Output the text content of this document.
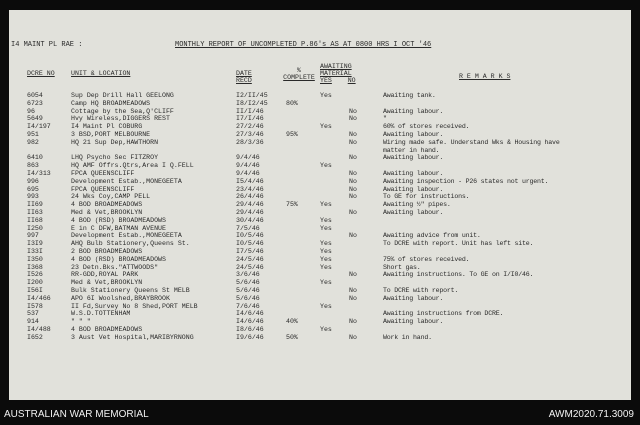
I4 MAINT PL RAE :	MONTHLY REPORT OF UNCOMPLETED P.86's AS AT 0800 HRS I OCT '46
DCRE NO UNIT & LOCATION	DATE
RECD
%
COMPLETE
AWAITING
MATERIAL
YES NO
R E M A R K S
6054	Sup Dep Drill Hall GEELONG	I2/II/45	Yes	Awaiting tank.
6723	Camp HQ BROADMEADOWS	I8/I2/45	80%
96	Cottage by the Sea,Q'CLIFF	II/I/46	No	Awaiting labour.
5649	Hvy Wireless,DIGGERS REST	I7/I/46	No	"
I4/197	I4 Maint Pl COBURG	27/2/46	Yes	60% of stores received.
951	3 BSD,PORT MELBOURNE	27/3/46	95%	No	Awaiting labour.
982	HQ 21 Sup Dep,HAWTHORN	28/3/36	No	Wiring made safe. Understand Wks & Housing have
matter in hand.
6410	LHQ Psycho Sec FITZROY	9/4/46	No	Awaiting labour.
863	HQ AMF Offrs.Qtrs,Area I Q.FELL	9/4/46	Yes
I4/313	FPCA QUEENSCLIFF	9/4/46	No	Awaiting labour.
996	Development Estab.,MONEGEETA	I5/4/46	No	Awaiting inspection - P26 states not urgent.
695	FPCA QUEENSCLIFF	23/4/46	No	Awaiting labour.
993	24 Wks Coy,CAMP PELL	26/4/46	No	To GE for instructions.
II69	4 BOD BROADMEADOWS	29/4/46	75%	Yes	Awaiting ½" pipes.
II63	Med & Vet,BROOKLYN	29/4/46	No	Awaiting labour.
II68	4 BOD (RSD) BROADMEADOWS	30/4/46	Yes
I250	E in C DFW,BATMAN AVENUE	7/5/46	Yes
997	Development Estab.,MONEGEETA	I0/5/46	No	Awaiting advice from unit.
I3I9	AHQ Bulb Stationery,Queens St.	I0/5/46	Yes	To DCRE with report. Unit has left site.
I33I	2 BOD BROADMEADOWS	I7/5/46	Yes
I350	4 BOD (RSD) BROADMEADOWS	24/5/46	Yes	75% of stores received.
I368	23 Detn.Bks."ATTWOODS"	24/5/46	Yes	Short gas.
I526	RR-GDD,ROYAL PARK	3/6/46	No	Awaiting instructions. To GE on I/I0/46.
I200	Med & Vet,BROOKLYN	5/6/46	Yes
I56I	Bulk Stationery Queens St MELB	5/6/46	No	To DCRE with report.
I4/466	APO 6I Woolshed,BRAYBROOK	5/6/46	No	Awaiting labour.
I578	II Fd,Survey No 8 Shed,PORT MELB	7/6/46	Yes
537	W.S.D.TOTTENHAM	I4/6/46	Awaiting instructions from DCRE.
914	" " "	I4/6/46	40%	No	Awaiting labour.
I4/488	4 BOD BROADMEADOWS	I8/6/46	Yes
I652	3 Aust Vet Hospital,MARIBYRNONG	I9/6/46	50%	No	Work in hand.
AUSTRALIAN WAR MEMORIAL	AWM2020.71.3009
